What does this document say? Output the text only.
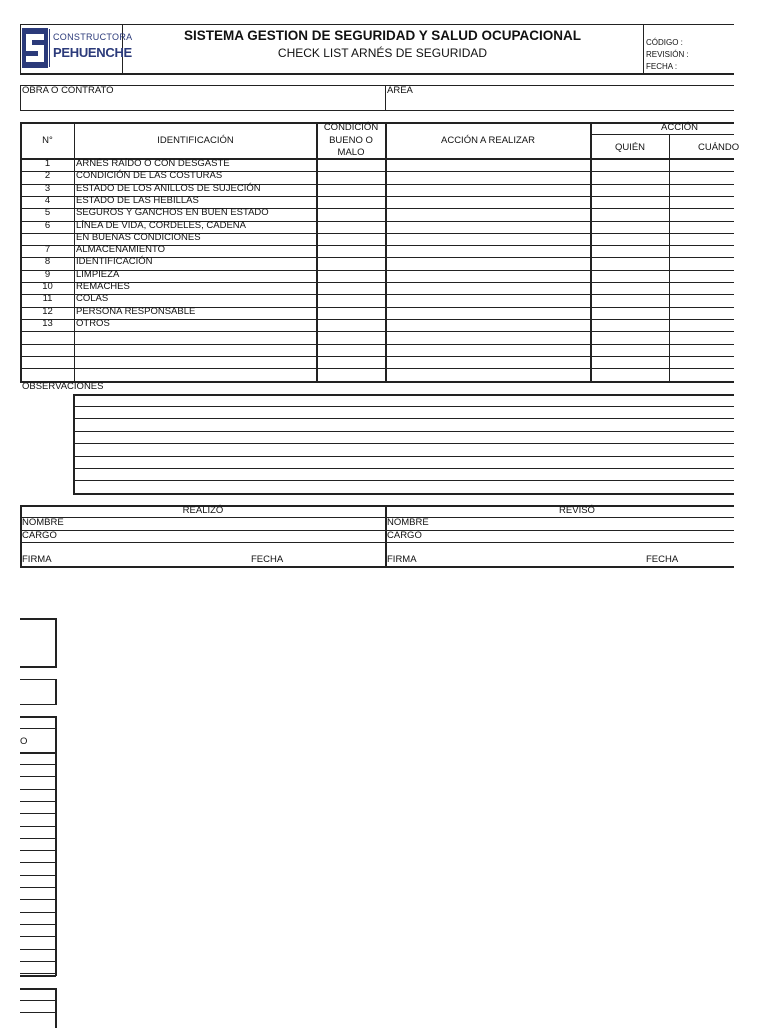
CONSTRUCTORA
PEHUENCHE
SISTEMA GESTION DE SEGURIDAD Y SALUD OCUPACIONAL
CHECK LIST ARNÉS DE SEGURIDAD
CÓDIGO :
REVISIÓN :
FECHA :
OBRA O CONTRATO	ÁREA
N°	IDENTIFICACIÓN
CONDICIÓN
BUENO O
MALO
ACCIÓN A REALIZAR
ACCIÓN
QUIÉN	CUÁNDO
1	ARNÉS RAÍDO O CON DESGASTE
2	CONDICIÓN DE LAS COSTURAS
3	ESTADO DE LOS ANILLOS DE SUJECIÓN
4	ESTADO DE LAS HEBILLAS
5	SEGUROS Y GANCHOS EN BUEN ESTADO
6	LÍNEA DE VIDA, CORDELES, CADENA
EN BUENAS CONDICIONES
7	ALMACENAMIENTO
8	IDENTIFICACIÓN
9	LIMPIEZA
10	REMACHES
11	COLAS
12	PERSONA RESPONSABLE
13	OTROS
OBSERVACIONES
REALIZÓ
NOMBRE
CARGO
FIRMA	FECHA
REVISÓ
NOMBRE
CARGO
FIRMA	FECHA
O
